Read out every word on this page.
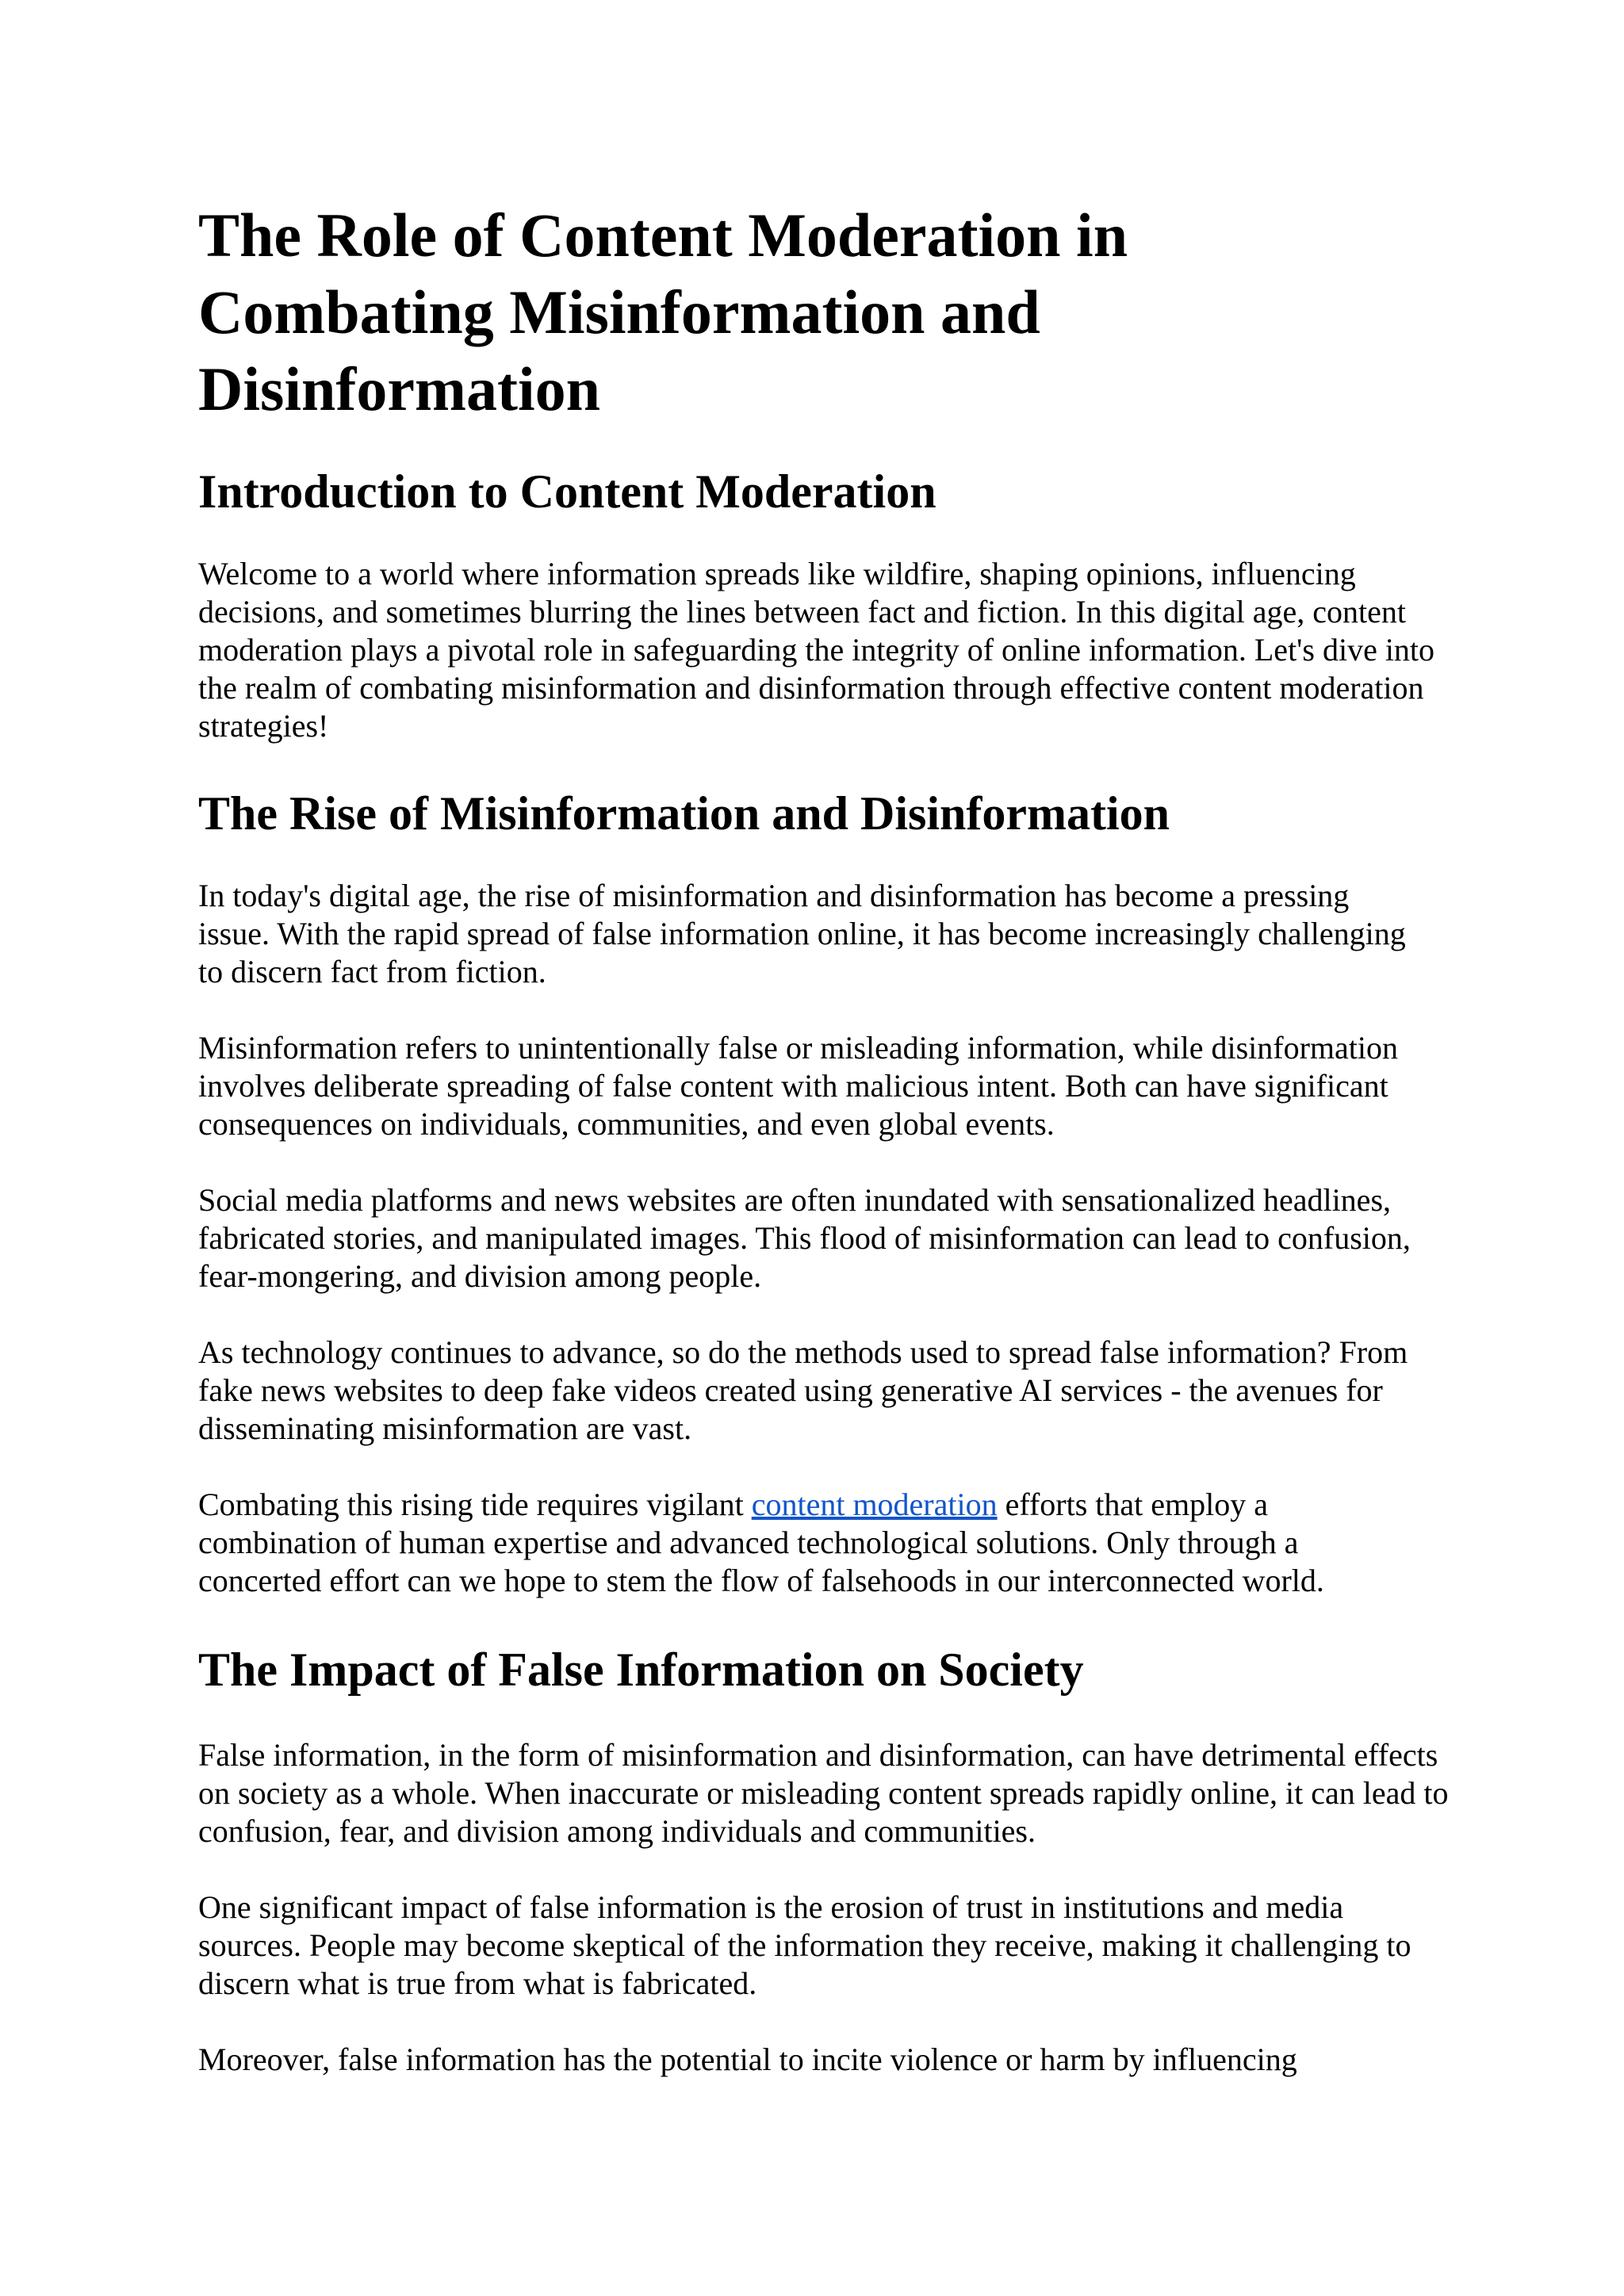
The Role of Content Moderation in Combating Misinformation and Disinformation
Introduction to Content Moderation

Welcome to a world where information spreads like wildfire, shaping opinions, influencing decisions, and sometimes blurring the lines between fact and fiction. In this digital age, content moderation plays a pivotal role in safeguarding the integrity of online information. Let's dive into the realm of combating misinformation and disinformation through effective content moderation strategies!

The Rise of Misinformation and Disinformation

In today's digital age, the rise of misinformation and disinformation has become a pressing issue. With the rapid spread of false information online, it has become increasingly challenging to discern fact from fiction.

Misinformation refers to unintentionally false or misleading information, while disinformation involves deliberate spreading of false content with malicious intent. Both can have significant consequences on individuals, communities, and even global events.

Social media platforms and news websites are often inundated with sensationalized headlines, fabricated stories, and manipulated images. This flood of misinformation can lead to confusion, fear-mongering, and division among people.

As technology continues to advance, so do the methods used to spread false information? From fake news websites to deep fake videos created using generative AI services - the avenues for disseminating misinformation are vast.

Combating this rising tide requires vigilant content moderation efforts that employ a combination of human expertise and advanced technological solutions. Only through a concerted effort can we hope to stem the flow of falsehoods in our interconnected world.

The Impact of False Information on Society

False information, in the form of misinformation and disinformation, can have detrimental effects on society as a whole. When inaccurate or misleading content spreads rapidly online, it can lead to confusion, fear, and division among individuals and communities.

One significant impact of false information is the erosion of trust in institutions and media sources. People may become skeptical of the information they receive, making it challenging to discern what is true from what is fabricated.

Moreover, false information has the potential to incite violence or harm by influencing
